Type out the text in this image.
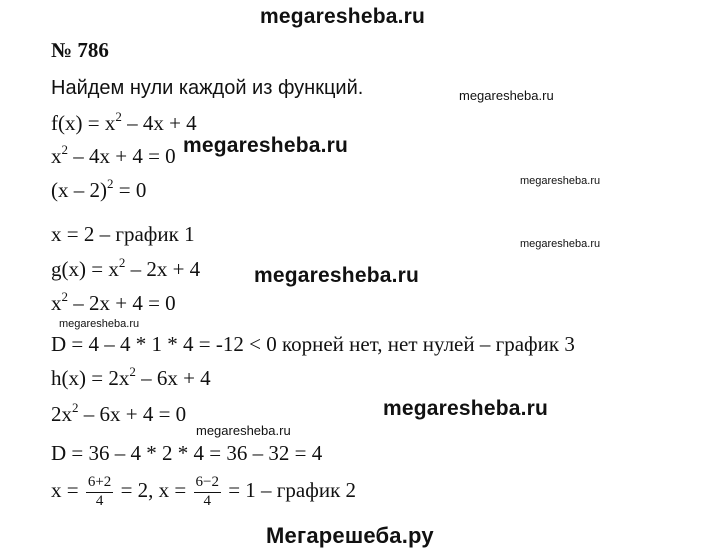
megaresheba.ru
megaresheba.ru
megaresheba.ru
megaresheba.ru
megaresheba.ru
megaresheba.ru
megaresheba.ru
megaresheba.ru
megaresheba.ru
Мегарешеба.ру
№ 786
Найдем нули каждой из функций.
$f(x) = x^2 - 4x + 4$
$x^2 - 4x + 4 = 0$
(x – 2)$^2$ = 0
x = 2 – график 1
$g(x) = x^2 - 2x + 4$
$x^2 - 2x + 4 = 0$
D = 4 – 4 * 1 * 4 = -12 < 0 корней нет, нет нулей – график 3
$h(x) = 2x^2 - 6x + 4$
$2x^2 - 6x + 4 = 0$
D = 36 – 4 * 2 * 4 = 36 – 32 = 4
$x = \frac{6+2}{4} = 2$, $x = \frac{6-2}{4} = 1$ – график 2
